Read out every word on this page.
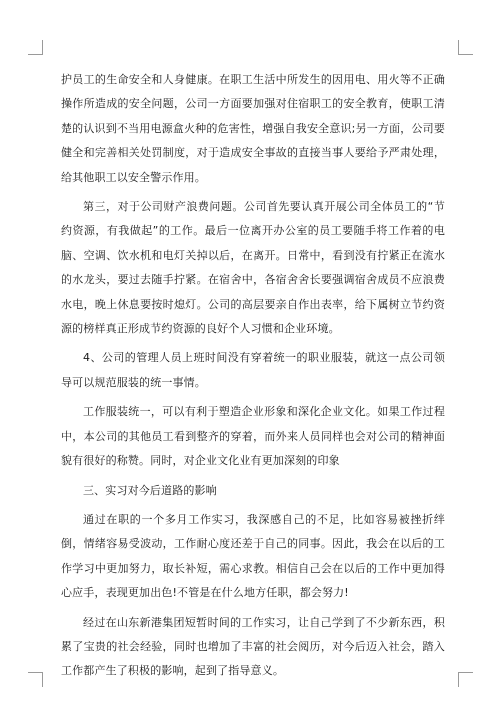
护员工的生命安全和人身健康。在职工生活中所发生的因用电、用火等不正确操作所造成的安全问题，公司一方面要加强对住宿职工的安全教育，使职工清楚的认识到不当用电源盒火种的危害性，增强自我安全意识;另一方面，公司要健全和完善相关处罚制度，对于造成安全事故的直接当事人要给予严肃处理，给其他职工以安全警示作用。

第三，对于公司财产浪费问题。公司首先要认真开展公司全体员工的“节约资源，有我做起”的工作。最后一位离开办公室的员工要随手将工作着的电脑、空调、饮水机和电灯关掉以后，在离开。日常中，看到没有拧紧正在流水的水龙头，要过去随手拧紧。在宿舍中，各宿舍舍长要强调宿舍成员不应浪费水电，晚上休息要按时熄灯。公司的高层要亲自作出表率，给下属树立节约资源的榜样真正形成节约资源的良好个人习惯和企业环境。

4、公司的管理人员上班时间没有穿着统一的职业服装，就这一点公司领导可以规范服装的统一事情。

工作服装统一，可以有利于塑造企业形象和深化企业文化。如果工作过程中，本公司的其他员工看到整齐的穿着，而外来人员同样也会对公司的精神面貌有很好的称赞。同时，对企业文化业有更加深刻的印象

三、实习对今后道路的影响

通过在职的一个多月工作实习，我深感自己的不足，比如容易被挫折绊倒，情绪容易受波动，工作耐心度还差于自己的同事。因此，我会在以后的工作学习中更加努力，取长补短，需心求教。相信自己会在以后的工作中更加得心应手，表现更加出色!不管是在什么地方任职，都会努力!

经过在山东新港集团短暂时间的工作实习，让自己学到了不少新东西，积累了宝贵的社会经验，同时也增加了丰富的社会阅历，对今后迈入社会，踏入工作都产生了积极的影响，起到了指导意义。
